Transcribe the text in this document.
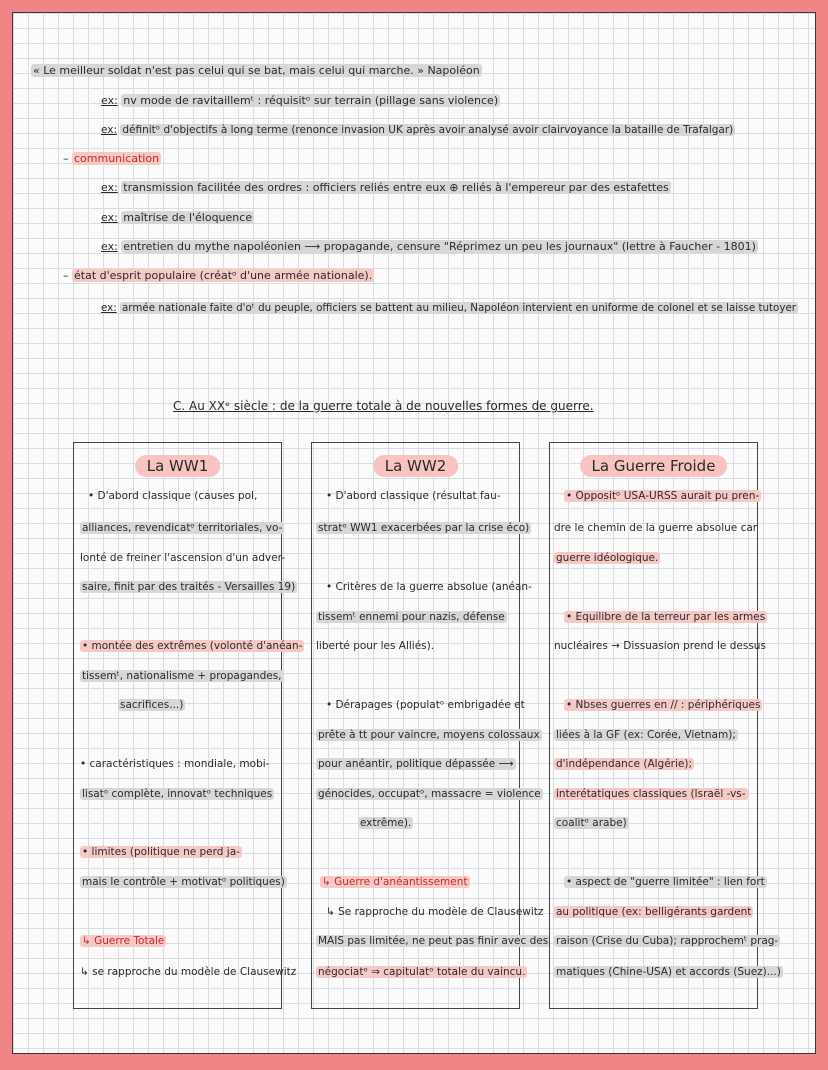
« Le meilleur soldat n'est pas celui qui se bat, mais celui qui marche. » Napoléon
ex: nv mode de ravitaillemᵗ : réquisitᵒ sur terrain (pillage sans violence)
ex: définitᵒ d'objectifs à long terme (renonce invasion UK après avoir analysé avoir clairvoyance la bataille de Trafalgar)
– communication
ex: transmission facilitée des ordres : officiers reliés entre eux ⊕ reliés à l'empereur par des estafettes
ex: maîtrise de l'éloquence
ex: entretien du mythe napoléonien ⟶ propagande, censure "Réprimez un peu les journaux" (lettre à Faucher - 1801)
– état d'esprit populaire (créatᵒ d'une armée nationale).
ex: armée nationale faite d'oᵗ du peuple, officiers se battent au milieu, Napoléon intervient en uniforme de colonel et se laisse tutoyer
C. Au XXᵉ siècle : de la guerre totale à de nouvelles formes de guerre.
La WW1
• D'abord classique (causes pol,
alliances, revendicatᵒ territoriales, vo-
lonté de freiner l'ascension d'un adver-
saire, finit par des traités - Versailles 19)
• montée des extrêmes (volonté d'anéan-
tissemᵗ, nationalisme + propagandes,
sacrifices...)
• caractéristiques : mondiale, mobi-
lisatᵒ complète, innovatᵒ techniques
• limites (politique ne perd ja-
mais le contrôle + motivatᵒ politiques)
↳ Guerre Totale
↳ se rapproche du modèle de Clausewitz
La WW2
• D'abord classique (résultat fau-
stratᵒ WW1 exacerbées par la crise éco)
• Critères de la guerre absolue (anéan-
tissemᵗ ennemi pour nazis, défense
liberté pour les Alliés).
• Dérapages (populatᵒ embrigadée et
prête à tt pour vaincre, moyens colossaux
pour anéantir, politique dépassée ⟶
génocides, occupatᵒ, massacre = violence
extrême).
↳ Guerre d'anéantissement
↳ Se rapproche du modèle de Clausewitz
MAIS pas limitée, ne peut pas finir avec des
négociatᵒ ⇒ capitulatᵒ totale du vaincu.
La Guerre Froide
• Oppositᵒ USA-URSS aurait pu pren-
dre le chemin de la guerre absolue car
guerre idéologique.
• Equilibre de la terreur par les armes
nucléaires → Dissuasion prend le dessus
• Nbses guerres en // : périphériques
liées à la GF (ex: Corée, Vietnam);
d'indépendance (Algérie);
interétatiques classiques (Israël -vs-
coalitᵒ arabe)
• aspect de "guerre limitée" : lien fort
au politique (ex: belligérants gardent
raison (Crise du Cuba); rapprochemᵗ prag-
matiques (Chine-USA) et accords (Suez)...)
